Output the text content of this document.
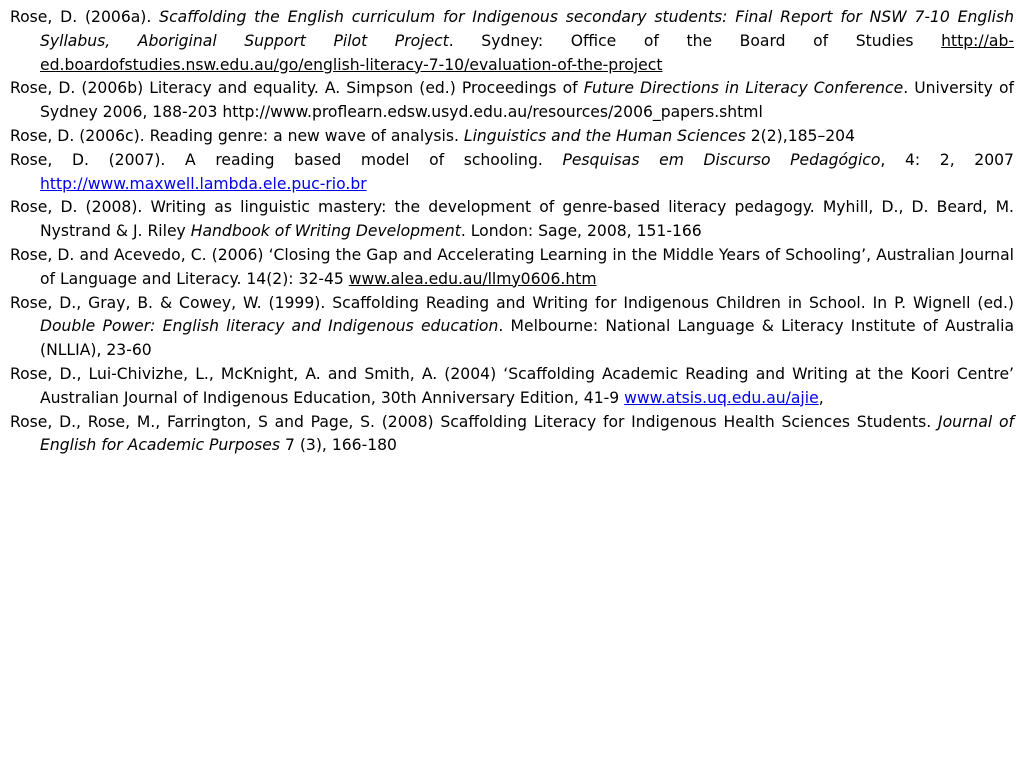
Rose, D. (2006a). Scaffolding the English curriculum for Indigenous secondary students: Final Report for NSW 7-10 English Syllabus, Aboriginal Support Pilot Project. Sydney: Office of the Board of Studies http://ab-ed.boardofstudies.nsw.edu.au/go/english-literacy-7-10/evaluation-of-the-project

Rose, D. (2006b) Literacy and equality. A. Simpson (ed.) Proceedings of Future Directions in Literacy Conference. University of Sydney 2006, 188-203 http://www.proflearn.edsw.usyd.edu.au/resources/2006_papers.shtml

Rose, D. (2006c). Reading genre: a new wave of analysis. Linguistics and the Human Sciences 2(2),185–204

Rose, D. (2007). A reading based model of schooling. Pesquisas em Discurso Pedagógico, 4: 2, 2007 http://www.maxwell.lambda.ele.puc-rio.br

Rose, D. (2008). Writing as linguistic mastery: the development of genre-based literacy pedagogy. Myhill, D., D. Beard, M. Nystrand & J. Riley Handbook of Writing Development. London: Sage, 2008, 151-166

Rose, D. and Acevedo, C. (2006) ‘Closing the Gap and Accelerating Learning in the Middle Years of Schooling’, Australian Journal of Language and Literacy. 14(2): 32-45 www.alea.edu.au/llmy0606.htm

Rose, D., Gray, B. & Cowey, W. (1999). Scaffolding Reading and Writing for Indigenous Children in School. In P. Wignell (ed.) Double Power: English literacy and Indigenous education. Melbourne: National Language & Literacy Institute of Australia (NLLIA), 23-60

Rose, D., Lui-Chivizhe, L., McKnight, A. and Smith, A. (2004) ‘Scaffolding Academic Reading and Writing at the Koori Centre’ Australian Journal of Indigenous Education, 30th Anniversary Edition, 41-9 www.atsis.uq.edu.au/ajie,

Rose, D., Rose, M., Farrington, S and Page, S. (2008) Scaffolding Literacy for Indigenous Health Sciences Students. Journal of English for Academic Purposes 7 (3), 166-180
